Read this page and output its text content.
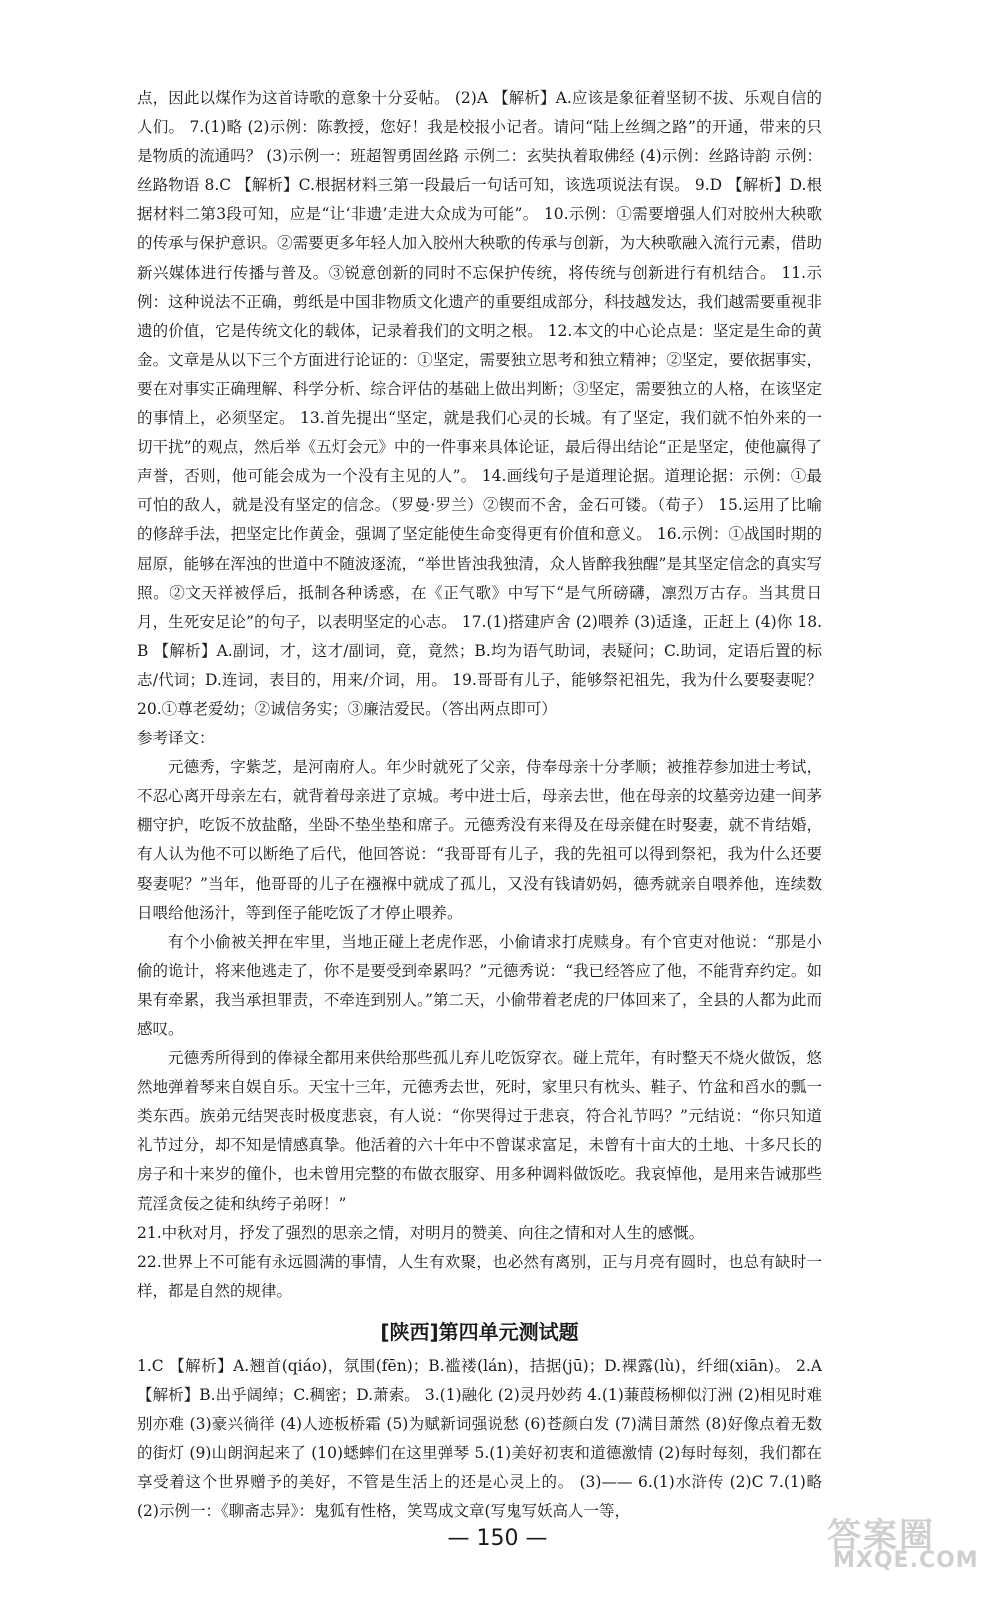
点，因此以煤作为这首诗歌的意象十分妥帖。 (2)A 【解析】A.应该是象征着坚韧不拔、乐观自信的人们。 7.(1)略 (2)示例：陈教授，您好！我是校报小记者。请问“陆上丝绸之路”的开通，带来的只是物质的流通吗？ (3)示例一：班超智勇固丝路 示例二：玄奘执着取佛经 (4)示例：丝路诗韵 示例：丝路物语 8.C 【解析】C.根据材料三第一段最后一句话可知，该选项说法有误。 9.D 【解析】D.根据材料二第3段可知，应是“让‘非遗’走进大众成为可能”。 10.示例：①需要增强人们对胶州大秧歌的传承与保护意识。②需要更多年轻人加入胶州大秧歌的传承与创新，为大秧歌融入流行元素，借助新兴媒体进行传播与普及。③锐意创新的同时不忘保护传统，将传统与创新进行有机结合。 11.示例：这种说法不正确，剪纸是中国非物质文化遗产的重要组成部分，科技越发达，我们越需要重视非遗的价值，它是传统文化的载体，记录着我们的文明之根。 12.本文的中心论点是：坚定是生命的黄金。文章是从以下三个方面进行论证的：①坚定，需要独立思考和独立精神；②坚定，要依据事实，要在对事实正确理解、科学分析、综合评估的基础上做出判断；③坚定，需要独立的人格，在该坚定的事情上，必须坚定。 13.首先提出“坚定，就是我们心灵的长城。有了坚定，我们就不怕外来的一切干扰”的观点，然后举《五灯会元》中的一件事来具体论证，最后得出结论“正是坚定，使他赢得了声誉，否则，他可能会成为一个没有主见的人”。 14.画线句子是道理论据。道理论据：示例：①最可怕的敌人，就是没有坚定的信念。（罗曼·罗兰）②锲而不舍，金石可镂。（荀子） 15.运用了比喻的修辞手法，把坚定比作黄金，强调了坚定能使生命变得更有价值和意义。 16.示例：①战国时期的屈原，能够在浑浊的世道中不随波逐流，“举世皆浊我独清，众人皆醉我独醒”是其坚定信念的真实写照。②文天祥被俘后，抵制各种诱惑，在《正气歌》中写下“是气所磅礴，凛烈万古存。当其贯日月，生死安足论”的句子，以表明坚定的心志。 17.(1)搭建庐舍 (2)喂养 (3)适逢，正赶上 (4)你 18.B 【解析】A.副词，才，这才/副词，竟，竟然；B.均为语气助词，表疑问；C.助词，定语后置的标志/代词；D.连词，表目的，用来/介词，用。 19.哥哥有儿子，能够祭祀祖先，我为什么要娶妻呢？ 20.①尊老爱幼；②诚信务实；③廉洁爱民。（答出两点即可）

参考译文：

元德秀，字紫芝，是河南府人。年少时就死了父亲，侍奉母亲十分孝顺；被推荐参加进士考试，不忍心离开母亲左右，就背着母亲进了京城。考中进士后，母亲去世，他在母亲的坟墓旁边建一间茅棚守护，吃饭不放盐酪，坐卧不垫坐垫和席子。元德秀没有来得及在母亲健在时娶妻，就不肯结婚，有人认为他不可以断绝了后代，他回答说：“我哥哥有儿子，我的先祖可以得到祭祀，我为什么还要娶妻呢？”当年，他哥哥的儿子在襁褓中就成了孤儿，又没有钱请奶妈，德秀就亲自喂养他，连续数日喂给他汤汁，等到侄子能吃饭了才停止喂养。

有个小偷被关押在牢里，当地正碰上老虎作恶，小偷请求打虎赎身。有个官吏对他说：“那是小偷的诡计，将来他逃走了，你不是要受到牵累吗？”元德秀说：“我已经答应了他，不能背弃约定。如果有牵累，我当承担罪责，不牵连到别人。”第二天，小偷带着老虎的尸体回来了，全县的人都为此而感叹。

元德秀所得到的俸禄全都用来供给那些孤儿弃儿吃饭穿衣。碰上荒年，有时整天不烧火做饭，悠然地弹着琴来自娱自乐。天宝十三年，元德秀去世，死时，家里只有枕头、鞋子、竹盆和舀水的瓢一类东西。族弟元结哭丧时极度悲哀，有人说：“你哭得过于悲哀，符合礼节吗？”元结说：“你只知道礼节过分，却不知是情感真挚。他活着的六十年中不曾谋求富足，未曾有十亩大的土地、十多尺长的房子和十来岁的僮仆，也未曾用完整的布做衣服穿、用多种调料做饭吃。我哀悼他，是用来告诫那些荒淫贪佞之徒和纨绔子弟呀！”

21.中秋对月，抒发了强烈的思亲之情，对明月的赞美、向往之情和对人生的感慨。

22.世界上不可能有永远圆满的事情，人生有欢聚，也必然有离别，正与月亮有圆时，也总有缺时一样，都是自然的规律。

[陕西]第四单元测试题

1.C 【解析】A.翘首(qiáo)，氛围(fēn)；B.褴褛(lán)，拮据(jū)；D.裸露(lù)，纤细(xiān)。 2.A 【解析】B.出乎阔绰；C.稠密；D.萧索。 3.(1)融化 (2)灵丹妙药 4.(1)蒹葭杨柳似汀洲 (2)相见时难别亦难 (3)豪兴徜徉 (4)人迹板桥霜 (5)为赋新词强说愁 (6)苍颜白发 (7)满目萧然 (8)好像点着无数的街灯 (9)山朗润起来了 (10)蟋蟀们在这里弹琴 5.(1)美好初衷和道德激情 (2)每时每刻，我们都在享受着这个世界赠予的美好，不管是生活上的还是心灵上的。 (3)—— 6.(1)水浒传 (2)C 7.(1)略 (2)示例一：《聊斋志异》：鬼狐有性格，笑骂成文章(写鬼写妖高人一等，

— 150 —	答案圈
MXQE.COM
